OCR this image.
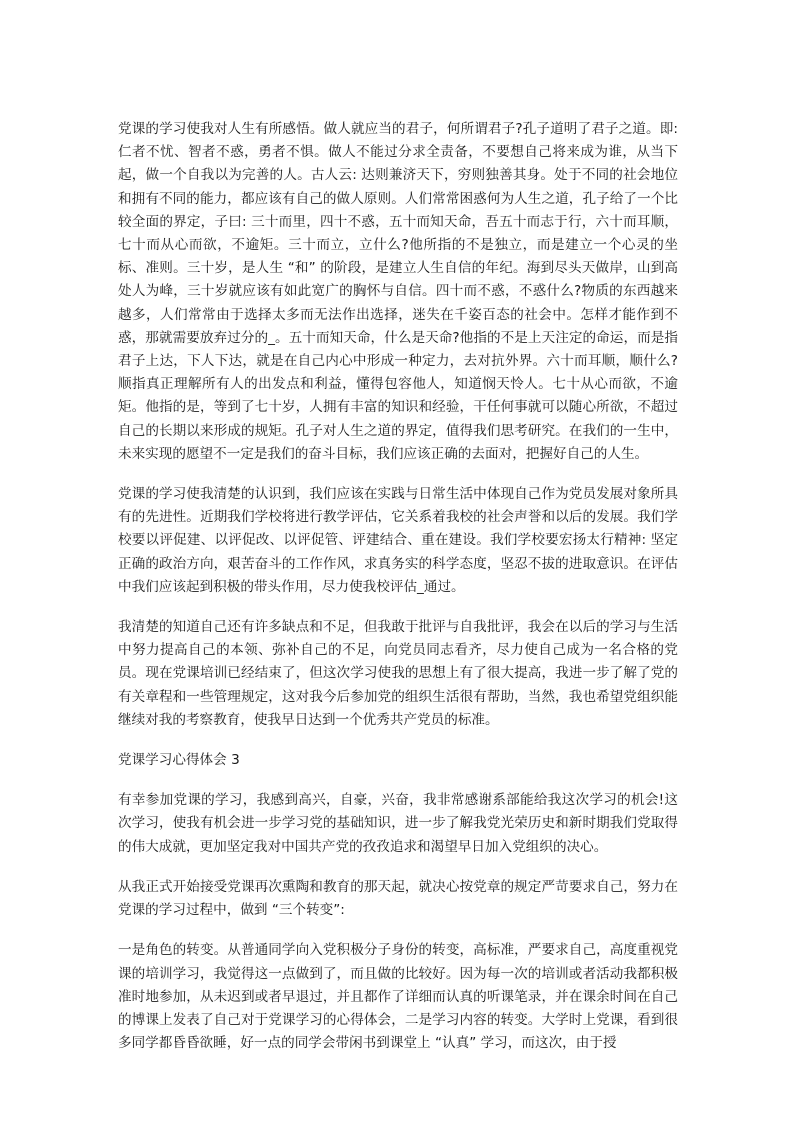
党课的学习使我对人生有所感悟。做人就应当的君子，何所谓君子?孔子道明了君子之道。即: 仁者不忧、智者不惑，勇者不惧。做人不能过分求全责备，不要想自己将来成为谁，从当下起，做一个自我以为完善的人。古人云: 达则兼济天下，穷则独善其身。处于不同的社会地位和拥有不同的能力，都应该有自己的做人原则。人们常常困惑何为人生之道，孔子给了一个比较全面的界定，子曰: 三十而里，四十不惑，五十而知天命，吾五十而志于行，六十而耳顺，七十而从心而欲，不逾矩。三十而立，立什么?他所指的不是独立，而是建立一个心灵的坐标、准则。三十岁，是人生 “和” 的阶段，是建立人生自信的年纪。海到尽头天做岸，山到高处人为峰，三十岁就应该有如此宽广的胸怀与自信。四十而不惑，不惑什么?物质的东西越来越多，人们常常由于选择太多而无法作出选择，迷失在千姿百态的社会中。怎样才能作到不惑，那就需要放弃过分的_。五十而知天命，什么是天命?他指的不是上天注定的命运，而是指君子上达，下人下达，就是在自己内心中形成一种定力，去对抗外界。六十而耳顺，顺什么?顺指真正理解所有人的出发点和利益，懂得包容他人，知道悯天怜人。七十从心而欲，不逾矩。他指的是，等到了七十岁，人拥有丰富的知识和经验，干任何事就可以随心所欲，不超过自己的长期以来形成的规矩。孔子对人生之道的界定，值得我们思考研究。在我们的一生中，未来实现的愿望不一定是我们的奋斗目标，我们应该正确的去面对，把握好自己的人生。

党课的学习使我清楚的认识到，我们应该在实践与日常生活中体现自己作为党员发展对象所具有的先进性。近期我们学校将进行教学评估，它关系着我校的社会声誉和以后的发展。我们学校要以评促建、以评促改、以评促管、评建结合、重在建设。我们学校要宏扬太行精神: 坚定正确的政治方向，艰苦奋斗的工作作风，求真务实的科学态度，坚忍不拔的进取意识。在评估中我们应该起到积极的带头作用，尽力使我校评估_通过。

我清楚的知道自己还有许多缺点和不足，但我敢于批评与自我批评，我会在以后的学习与生活中努力提高自己的本领、弥补自己的不足，向党员同志看齐，尽力使自己成为一名合格的党员。现在党课培训已经结束了，但这次学习使我的思想上有了很大提高，我进一步了解了党的有关章程和一些管理规定，这对我今后参加党的组织生活很有帮助，当然，我也希望党组织能继续对我的考察教育，使我早日达到一个优秀共产党员的标准。

党课学习心得体会 3

有幸参加党课的学习，我感到高兴，自豪，兴奋，我非常感谢系部能给我这次学习的机会!这次学习，使我有机会进一步学习党的基础知识，进一步了解我党光荣历史和新时期我们党取得的伟大成就，更加坚定我对中国共产党的孜孜追求和渴望早日加入党组织的决心。

从我正式开始接受党课再次熏陶和教育的那天起，就决心按党章的规定严苛要求自己，努力在党课的学习过程中，做到 “三个转变”:

一是角色的转变。从普通同学向入党积极分子身份的转变，高标准，严要求自己，高度重视党课的培训学习，我觉得这一点做到了，而且做的比较好。因为每一次的培训或者活动我都积极准时地参加，从未迟到或者早退过，并且都作了详细而认真的听课笔录，并在课余时间在自己的博课上发表了自己对于党课学习的心得体会，二是学习内容的转变。大学时上党课，看到很多同学都昏昏欲睡，好一点的同学会带闲书到课堂上 “认真” 学习，而这次，由于授
